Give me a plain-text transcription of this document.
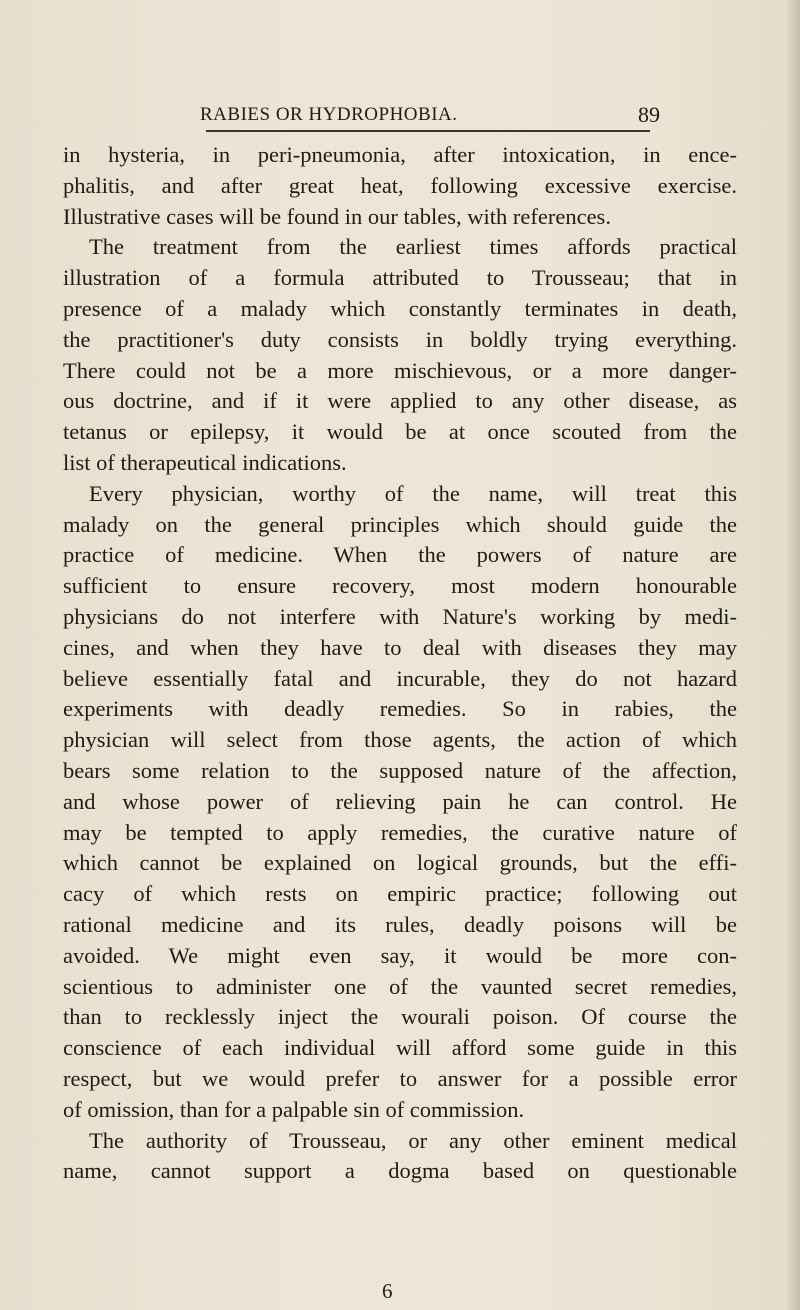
RABIES OR HYDROPHOBIA.	89
in hysteria, in peri-pneumonia, after intoxication, in ence-
phalitis, and after great heat, following excessive exercise.
Illustrative cases will be found in our tables, with references.
The treatment from the earliest times affords practical
illustration of a formula attributed to Trousseau; that in
presence of a malady which constantly terminates in death,
the practitioner's duty consists in boldly trying everything.
There could not be a more mischievous, or a more danger-
ous doctrine, and if it were applied to any other disease, as
tetanus or epilepsy, it would be at once scouted from the
list of therapeutical indications.
Every physician, worthy of the name, will treat this
malady on the general principles which should guide the
practice of medicine. When the powers of nature are
sufficient to ensure recovery, most modern honourable
physicians do not interfere with Nature's working by medi-
cines, and when they have to deal with diseases they may
believe essentially fatal and incurable, they do not hazard
experiments with deadly remedies. So in rabies, the
physician will select from those agents, the action of which
bears some relation to the supposed nature of the affection,
and whose power of relieving pain he can control. He
may be tempted to apply remedies, the curative nature of
which cannot be explained on logical grounds, but the effi-
cacy of which rests on empiric practice; following out
rational medicine and its rules, deadly poisons will be
avoided. We might even say, it would be more con-
scientious to administer one of the vaunted secret remedies,
than to recklessly inject the wourali poison. Of course the
conscience of each individual will afford some guide in this
respect, but we would prefer to answer for a possible error
of omission, than for a palpable sin of commission.
The authority of Trousseau, or any other eminent medical
name, cannot support a dogma based on questionable
6
